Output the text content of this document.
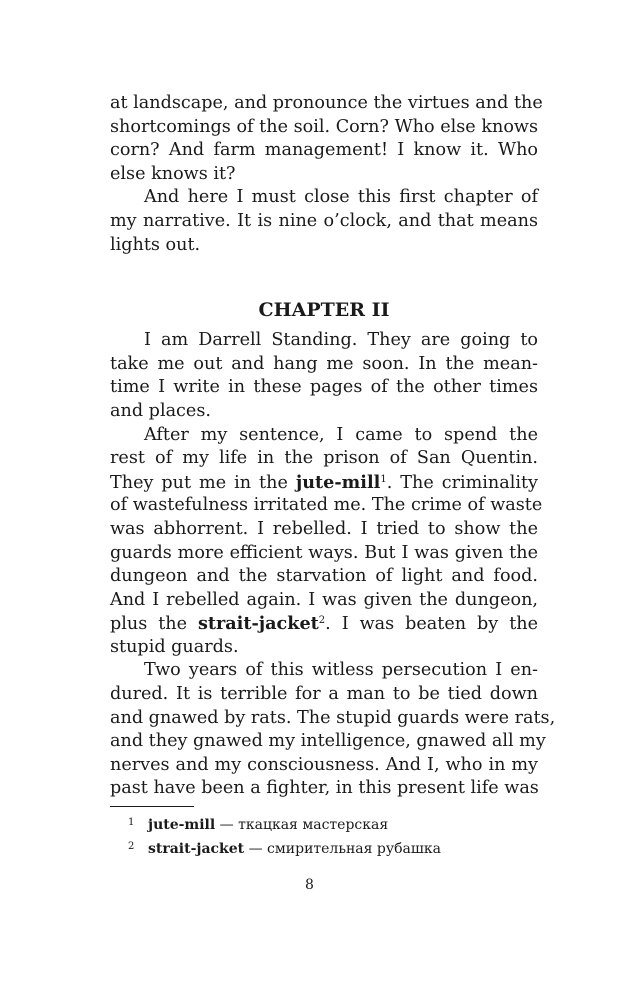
at landscape, and pronounce the virtues and the
shortcomings of the soil. Corn? Who else knows
corn? And farm management! I know it. Who
else knows it?
And here I must close this first chapter of
my narrative. It is nine o’clock, and that means
lights out.
CHAPTER II
I am Darrell Standing. They are going to
take me out and hang me soon. In the mean-
time I write in these pages of the other times
and places.
After my sentence, I came to spend the
rest of my life in the prison of San Quentin.
They put me in the jute-mill$^1$. The criminality
of wastefulness irritated me. The crime of waste
was abhorrent. I rebelled. I tried to show the
guards more efficient ways. But I was given the
dungeon and the starvation of light and food.
And I rebelled again. I was given the dungeon,
plus the strait-jacket$^2$. I was beaten by the
stupid guards.
Two years of this witless persecution I en-
dured. It is terrible for a man to be tied down
and gnawed by rats. The stupid guards were rats,
and they gnawed my intelligence, gnawed all my
nerves and my consciousness. And I, who in my
past have been a fighter, in this present life was
1 jute-mill — ткацкая мастерская
2 strait-jacket — смирительная рубашка
8
